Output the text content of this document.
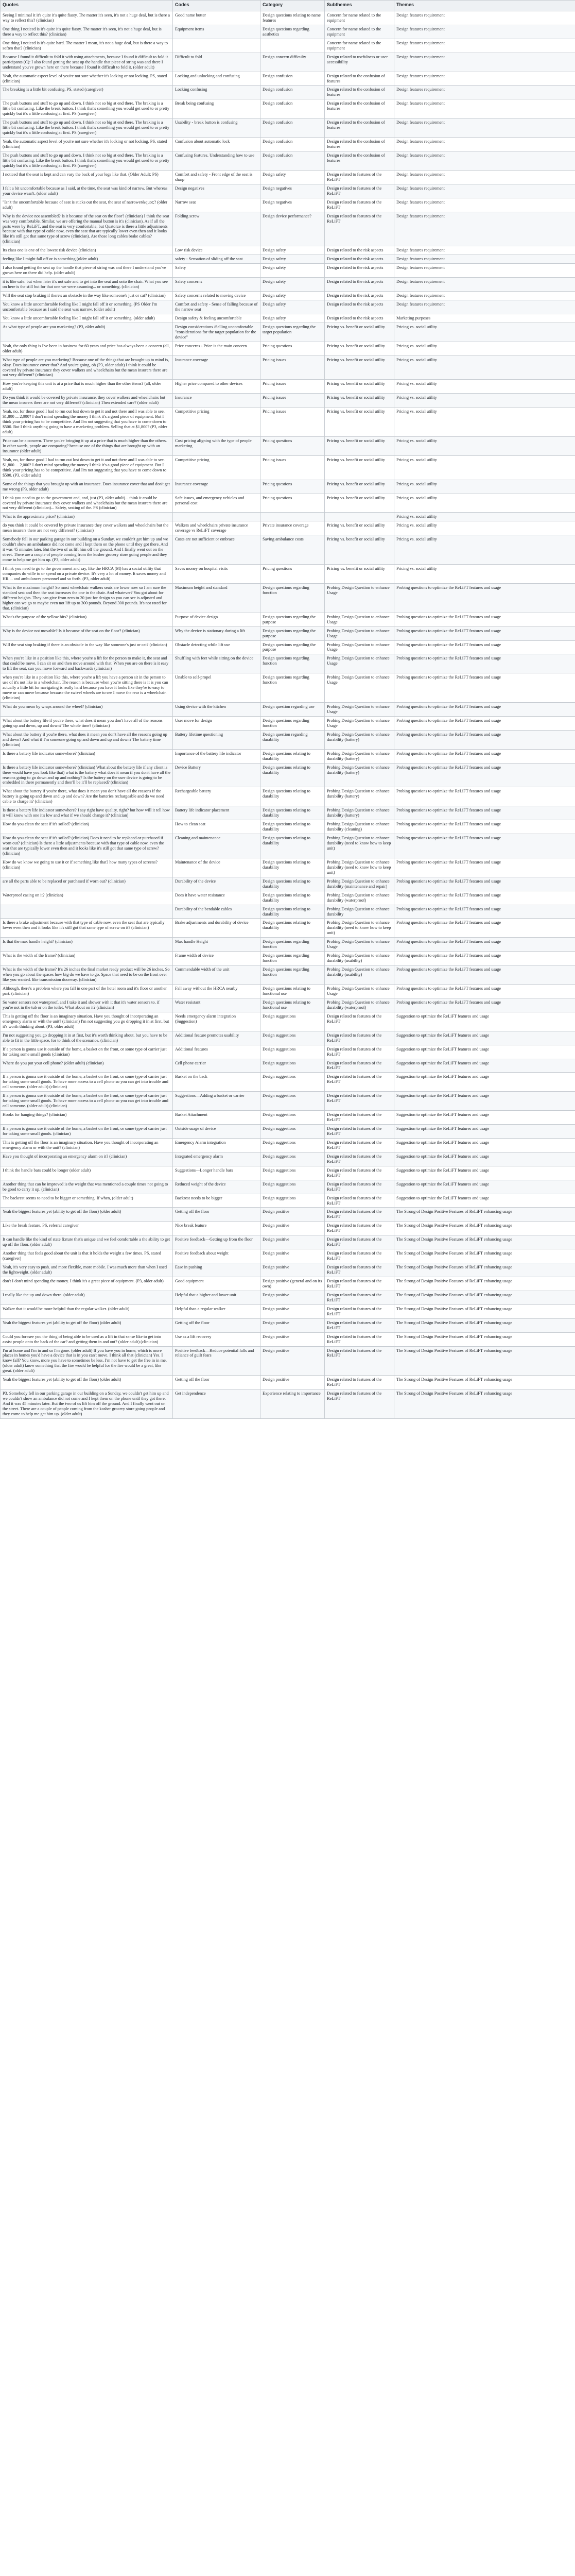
Quotes	Codes	Category	Subthemes	Themes
Seeing I minimal it it's quite it's quite fiasty. The matter it's seen, it's not a huge deal, but is there a way to reflect this? (clinician)	Good name butter	Design questions relating to name features	Concern for name related to the equipment	Design features requirement
One thing I noticed is it's quite it's quite fiasty. The matter it's seen, it's not a huge deal, but is there a way to reflect this? (clinician)	Equipment items	Design questions regarding aesthetics	Concern for name related to the equipment	Design features requirement
One thing I noticed is it's quite hard. The matter I mean, it's not a huge deal, but is there a way to soften that? (clinician)			Concern for name related to the equipment	Design features requirement
Because I found it difficult to fold it with using attachments, because I found it difficult to fold it participants (C): I also found getting the seat up the handle that piece of string was and there I understand you've grown here on there because I found it difficult to fold it. (older adult)	Difficult to fold	Design concern difficulty	Design related to usefulness or user accessibility	Design features requirement
Yeah, the automatic aspect level of you're not sure whether it's locking or not locking. PS, stated (clinician)	Locking and unlocking and confusing	Design confusion	Design related to the confusion of features	Design features requirement
The breaking is a little bit confusing. PS, stated (caregiver)	Locking confusing	Design confusion	Design related to the confusion of features	Design features requirement
The push buttons and stuff to go up and down. I think not so big at end there. The braking is a little bit confusing. Like the break button. I think that's something you would get used to or pretty quickly but it's a little confusing at first. PS (caregiver)	Break being confusing	Design confusion	Design related to the confusion of features	Design features requirement
The push buttons and stuff to go up and down. I think not so big at end there. The braking is a little bit confusing. Like the break button. I think that's something you would get used to or pretty quickly but it's a little confusing at first. PS (caregiver)	Usability - break button is confusing	Design confusion	Design related to the confusion of features	Design features requirement
Yeah, the automatic aspect level of you're not sure whether it's locking or not locking. PS, stated (clinician)	Confusion about automatic lock	Design confusion	Design related to the confusion of features	Design features requirement
The push buttons and stuff to go up and down. I think not so big at end there. The braking is a little bit confusing. Like the break button. I think that's something you would get used to or pretty quickly but it's a little confusing at first. PS (caregiver)	Confusing features. Understanding how to use	Design confusion	Design related to the confusion of features	Design features requirement
I noticed that the seat is kept and can vary the back of your legs like that. (Older Adult: PS)	Comfort and safety - Front edge of the seat is sharp	Design safety	Design related to features of the ReLiFT	Design features requirement
I felt a bit uncomfortable because as I said, at the time, the seat was kind of narrow. But whereas your device wasn't. (older adult)	Design negatives	Design negatives	Design related to features of the ReLiFT	Design features requirement
"Isn't the uncomfortable because of seat is sticks out the seat, the seat of narrower&quot;? (older adult)	Narrow seat	Design negatives	Design related to features of the ReLiFT	Design features requirement
Why is the device not assembled? Is it because of the seat on the floor? (clinician) I think the seat was very comfortable. Similar, we are offering the manual button is it's (clinician). As if all the parts were by ReLiFT, and the seat is very comfortable, but Quatorze is there a little adjustments because with that type of cable now, even the seat that are typically lower even then and it looks like it's still got that same type of screw (clinician). Are those long cables brake cables? (clinician)	Folding screw	Design device performance?	Design related to features of the ReLiFT	Design features requirement
Its class one is one of the lowest risk device (clinician)	Low risk device	Design safety	Design related to the risk aspects	Design features requirement
feeling like I might fall off or is something (older adult)	safety - Sensation of sliding off the seat	Design safety	Design related to the risk aspects	Design features requirement
I also found getting the seat up the handle that piece of string was and there I understand you've grown here on there did help. (older adult)	Safety	Design safety	Design related to the risk aspects	Design features requirement
it is like safe: but when later it's not safe and to get into the seat and onto the chair. What you see on here is the still but for that one we were assuming... or something. (clinician)	Safety concerns	Design safety	Design related to the risk aspects	Design features requirement
Will the seat stop braking if there's an obstacle in the way like someone's just or cat? (clinician)	Safety concerns related to moving device	Design safety	Design related to the risk aspects	Design features requirement
You know a little uncomfortable feeling like I might fall off it or something. (PS Older I'm uncomfortable because as I said the seat was narrow. (older adult)	Comfort and safety - Sense of falling because of the narrow seat	Design safety	Design related to the risk aspects	Design features requirement
You know a little uncomfortable feeling like I might fall off it or something. (older adult)	Design safety & feeling uncomfortable	Design safety	Design related to the risk aspects	Marketing purposes
As what type of people are you marketing? (P3, older adult)	Design considerations /Selling uncomfortable "considerations for the target population for the device"	Design questions regarding the target population	Pricing vs. benefit or social utility	Pricing vs. social utility
Yeah, the only thing is I've been in business for 60 years and price has always been a concern (all, older adult)	Price concerns - Price is the main concern	Pricing questions	Pricing vs. benefit or social utility	Pricing vs. social utility
What type of people are you marketing? Because one of the things that are brought up to mind is, okay. Does insurance cover that? And you're going, oh (P3, older adult) I think it could be covered by private insurance they cover walkers and wheelchairs but the mean insurers there are not very different? (clinician)	Insurance coverage	Pricing issues	Pricing vs. benefit or social utility	Pricing vs. social utility
How you're keeping this unit is at a price that is much higher than the other items? (all, older adult)	Higher price compared to other devices	Pricing issues	Pricing vs. benefit or social utility	Pricing vs. social utility
Do you think it would be covered by private insurance, they cover walkers and wheelchairs but the mean insurers there are not very different? (clinician) Then extended care? (older adult)	Insurance	Pricing issues	Pricing vs. benefit or social utility	Pricing vs. social utility
Yeah, no, for those good I had to run out lost down to get it and not there and I was able to see. $1,800 ... 2,000? I don't mind spending the money I think it's a good piece of equipment. But I think your pricing has to be competitive. And I'm not suggesting that you have to come down to $500. But I think anything going to have a marketing problem. Selling that at $1,800? (P3, older adult)	Competitive pricing	Pricing issues	Pricing vs. benefit or social utility	Pricing vs. social utility
Price can be a concern. There you're bringing it up at a price that is much higher than the others. In other words, people are comparing? because one of the things that are brought up with an insurance (older adult)	Cost pricing aligning with the type of people marketing	Pricing questions	Pricing vs. benefit or social utility	Pricing vs. social utility
Yeah, no, for those good I had to run out lost down to get it and not there and I was able to see. $1,800 ... 2,000? I don't mind spending the money I think it's a good piece of equipment. But I think your pricing has to be competitive. And I'm not suggesting that you have to come down to $500. (P3, older adult)	Competitive pricing	Pricing issues	Pricing vs. benefit or social utility	Pricing vs. social utility
Some of the things that you brought up with an insurance. Does insurance cover that and don't get me wrong (P3, older adult)	Insurance coverage	Pricing questions	Pricing vs. benefit or social utility	Pricing vs. social utility
I think you need to go to the government and, and, just (P3, older adult)... think it could be covered by private insurance they cover walkers and wheelchairs but the mean insurers there are not very different (clinician)... Safety, seating of the. PS (clinician)	Safe issues, and emergency vehicles and personal cost	Pricing questions	Pricing vs. benefit or social utility	Pricing vs. social utility
What is the approximate price? (clinician)				Pricing vs. social utility
do you think it could be covered by private insurance they cover walkers and wheelchairs but the mean insurers there are not very different? (clinician)	Walkers and wheelchairs private insurance coverage vs ReLiFT coverage	Private insurance coverage	Pricing vs. benefit or social utility	Pricing vs. social utility
Somebody fell in our parking garage in our building on a Sunday, we couldn't get him up and we couldn't show an ambulance did not come and I kept them on the phone until they got there. And it was 45 minutes later. But the two of us lift him off the ground. And I finally went out on the street. There are a couple of people coming from the kosher grocery store going people and they come to help me get him up. (P3, older adult)	Costs are not sufficient or embrace	Saving ambulance costs	Pricing vs. benefit or social utility	Pricing vs. social utility
I think you need to go to the government and say, like the HRCA (M) has a social utility that companies do wille to or spend on a private device. It's very a lot of money. It saves money and HR ... and ambulances personnel and so forth. (P3, older adult)	Saves money on hospital visits	Pricing questions	Pricing vs. benefit or social utility	Pricing vs. social utility
What is the maximum height? So most wheelchair walkers seats are lower now so I am sure the standard seat and then the seat increases the one in the chair. And whatever? You got about for different heights. They can give from zero to 20 just for design so you can see is adjusted and higher can we go to maybe even not lift up to 300 pounds. Beyond 300 pounds. It's not rated for that. (clinician)	Maximum height and standard	Design questions regarding function	Probing Design Question to enhance Usage	Probing questions to optimize the ReLiFT features and usage
What's the purpose of the yellow bits? (clinician)	Purpose of device design	Design questions regarding the purpose	Probing Design Question to enhance Usage	Probing questions to optimize the ReLiFT features and usage
Why is the device not movable? Is it because of the seat on the floor? (clinician)	Why the device is stationary during a lift	Design questions regarding the purpose	Probing Design Question to enhance Usage	Probing questions to optimize the ReLiFT features and usage
Will the seat stop braking if there is an obstacle in the way like someone's just or cat? (clinician)	Obstacle detecting while lift use	Design questions regarding the purpose	Probing Design Question to enhance Usage	Probing questions to optimize the ReLiFT features and usage
When you're like in a position like this, where you're a lift for the person to make it, the seat and that could be move. I can sit on and then move around with that. When you are on there is it easy to lift the seat, can you move forward and backwards (clinician)	Shuffling with feet while sitting on the device	Design questions regarding function	Probing Design Question to enhance Usage	Probing questions to optimize the ReLiFT features and usage
when you're like in a position like this, where you're a lift you have a person sit in the person to use of it's not like in a wheelchair. The reason is because when you're sitting there is it is you can actually a little bit for navigating is really hard because you have it looks like they're to easy to move or can move because because the swivel wheels are to see I move the rear is a wheelchair. (clinician)	Unable to self-propel	Design questions regarding function	Probing Design Question to enhance Usage	Probing questions to optimize the ReLiFT features and usage
What do you mean by wraps around the wheel? (clinician)	Using device with the kitchen	Design question regarding use	Probing Design Question to enhance Usage	Probing questions to optimize the ReLiFT features and usage
What about the battery life if you're there, what does it mean you don't have all of the reasons going up and down, up and down? The whole time? (clinician)	User move for design	Design questions regarding function	Probing Design Question to enhance Usage	Probing questions to optimize the ReLiFT features and usage
What about the battery if you're there, what does it mean you don't have all the reasons going up and down? And what if I'm someone going up and down and up and down? The battery time (clinician)	Battery lifetime questioning	Design question regarding durability	Probing Design Question to enhance durability (battery)	Probing questions to optimize the ReLiFT features and usage
Is there a battery life indicator somewhere? (clinician)	Importance of the battery life indicator	Design questions relating to durability	Probing Design Question to enhance durability (battery)	Probing questions to optimize the ReLiFT features and usage
Is there a battery life indicator somewhere? (clinician) What about the battery life if any client is there would have you look like that) what is the battery what does it mean if you don't have all the reasons going to go down and up and nothing? Is the battery on the user device is going to be embedded in there permanently and then'll be it'll be replaced? (clinician)	Device Battery	Design questions relating to durability	Probing Design Question to enhance durability (battery)	Probing questions to optimize the ReLiFT features and usage
What about the battery if you're there, what does it mean you don't have all the reasons if the battery is going up and down and up and down? Are the batteries rechargeable and do we need cable to charge it? (clinician)	Rechargeable battery	Design questions relating to durability	Probing Design Question to enhance durability (battery)	Probing questions to optimize the ReLiFT features and usage
Is there a battery life indicator somewhere? I say right have quality, right? but how will it tell how it will know with one it's low and what if we should change it? (clinician)	Battery life indicator placement	Design questions relating to durability	Probing Design Question to enhance durability (battery)	Probing questions to optimize the ReLiFT features and usage
How do you clean the seat if it's soiled? (clinician)	How to clean seat	Design questions relating to durability	Probing Design Question to enhance durability (cleaning)	Probing questions to optimize the ReLiFT features and usage
How do you clean the seat if it's soiled? (clinician) Does it need to be replaced or purchased if worn out? (clinician) Is there a little adjustments because with that type of cable now, even the seat that are typically lower even then and it looks like it's still got that same type of screw? (clinician)	Cleaning and maintenance	Design questions relating to durability	Probing Design Question to enhance durability (need to know how to keep unit)	Probing questions to optimize the ReLiFT features and usage
How do we know we going to use it or if something like that? how many types of screens? (clinician)	Maintenance of the device	Design questions relating to durability	Probing Design Question to enhance durability (need to know how to keep unit)	Probing questions to optimize the ReLiFT features and usage
are all the parts able to be replaced or purchased if worn out? (clinician)	Durability of the device	Design questions relating to durability	Probing Design Question to enhance durability (maintenance and repair)	Probing questions to optimize the ReLiFT features and usage
Waterproof casing on it? (clinician)	Does it have water resistance	Design questions relating to durability	Probing Design Question to enhance durability (waterproof)	Probing questions to optimize the ReLiFT features and usage
	Durability of the bendable cables	Design questions relating to durability	Probing Design Question to enhance durability	Probing questions to optimize the ReLiFT features and usage
Is there a brake adjustment because with that type of cable now, even the seat that are typically lower even then and it looks like it's still got that same type of screw on it? (clinician)	Brake adjustments and durability of device	Design questions relating to durability	Probing Design Question to enhance durability (need to know how to keep unit)	Probing questions to optimize the ReLiFT features and usage
Is that the max handle height? (clinician)	Max handle Height	Design questions regarding function	Probing Design Question to enhance Usage	Probing questions to optimize the ReLiFT features and usage
What is the width of the frame? (clinician)	Frame width of device	Design questions regarding function	Probing Design Question to enhance durability (usability)	Probing questions to optimize the ReLiFT features and usage
What is the width of the frame? It's 26 inches the final market ready product will be 26 inches. So when you go about the spaces how big do we have to go. Space that need to be on the front over like you wanted. like transmission doorway. (clinician)	Commendable width of the unit	Design questions regarding function	Probing Design Question to enhance durability (usability)	Probing questions to optimize the ReLiFT features and usage
Although, there's a problem where you fall in one part of the hotel room and it's floor or another part. (clinician)	Fall away without the HRCA nearby	Design questions relating to functional use	Probing Design Question to enhance Usage	Probing questions to optimize the ReLiFT features and usage
So water sensors not waterproof, and I take it and shower with it that it's water sensors to. if you're not in the tub or on the toilet. What about on it? (clinician)	Water resistant	Design questions relating to functional use	Probing Design Question to enhance durability (waterproof)	Probing questions to optimize the ReLiFT features and usage
This is getting off the floor is an imaginary situation. Have you thought of incorporating an emergency alarm or with the unit? (clinician) I'm not suggesting you go dropping it in at first, but it's worth thinking about. (P3, older adult)	Needs emergency alarm integration (Suggestion)	Design suggestions	Design related to features of the ReLiFT	Suggestion to optimize the ReLiFT features and usage
I'm not suggesting you go dropping it in at first, but it's worth thinking about. but you have to be able to fit in the little space, for to think of the scenarios. (clinician)	Additional feature promotes usability	Design suggestions	Design related to features of the ReLiFT	Suggestion to optimize the ReLiFT features and usage
If a person is gonna use it outside of the home, a basket on the front, or some type of carrier just for taking some small goods (clinician)	Additional features	Design suggestions	Design related to features of the ReLiFT	Suggestion to optimize the ReLiFT features and usage
Where do you put your cell phone? (older adult) (clinician)	Cell phone carrier	Design suggestions	Design related to features of the ReLiFT	Suggestion to optimize the ReLiFT features and usage
If a person is gonna use it outside of the home, a basket on the front, or some type of carrier just for taking some small goods. To have more access to a cell phone so you can get into trouble and call someone. (older adult) (clinician)	Basket on the back	Design suggestions	Design related to features of the ReLiFT	Suggestion to optimize the ReLiFT features and usage
If a person is gonna use it outside of the home, a basket on the front, or some type of carrier just for taking some small goods. To have more access to a cell phone so you can get into trouble and call someone. (older adult) (clinician)	Suggestions—Adding a basket or carrier	Design suggestions	Design related to features of the ReLiFT	Suggestion to optimize the ReLiFT features and usage
Hooks for hanging things? (clinician)	Basket Attachment	Design suggestions	Design related to features of the ReLiFT	Suggestion to optimize the ReLiFT features and usage
If a person is gonna use it outside of the home, a basket on the front, or some type of carrier just for taking some small goods. (clinician)	Outside usage of device	Design suggestions	Design related to features of the ReLiFT	Suggestion to optimize the ReLiFT features and usage
This is getting off the floor is an imaginary situation. Have you thought of incorporating an emergency alarm or with the unit? (clinician)	Emergency Alarm integration	Design suggestions	Design related to features of the ReLiFT	Suggestion to optimize the ReLiFT features and usage
Have you thought of incorporating an emergency alarm on it? (clinician)	Integrated emergency alarm	Design suggestions	Design related to features of the ReLiFT	Suggestion to optimize the ReLiFT features and usage
I think the handle bars could be longer (older adult)	Suggestions—Longer handle bars	Design suggestions	Design related to features of the ReLiFT	Suggestion to optimize the ReLiFT features and usage
Another thing that can be improved is the weight that was mentioned a couple times not going to be good to carry it up. (clinician)	Reduced weight of the device	Design suggestions	Design related to features of the ReLiFT	Suggestion to optimize the ReLiFT features and usage
The backrest seems to need to be bigger or something. If when, (older adult)	Backrest needs to be bigger	Design suggestions	Design related to features of the ReLiFT	Suggestion to optimize the ReLiFT features and usage
Yeah the biggest features yet (ability to get off the floor) (older adult)	Getting off the floor	Design positive	Design related to features of the ReLiFT	The Strong of Design Positive Features of ReLiFT enhancing usage
Like the break feature. PS, referral caregiver	Nice break feature	Design positive	Design related to features of the ReLiFT	The Strong of Design Positive Features of ReLiFT enhancing usage
It can handle like the kind of state fixture that's unique and we feel comfortable a the ability to get up off the floor. (older adult)	Positive feedback—Getting up from the floor	Design positive	Design related to features of the ReLiFT	The Strong of Design Positive Features of ReLiFT enhancing usage
Another thing that feels good about the unit is that it holds the weight a few times. PS. stated (caregiver)	Positive feedback about weight	Design positive	Design related to features of the ReLiFT	The Strong of Design Positive Features of ReLiFT enhancing usage
Yeah, it's very easy to push. and more flexible, more mobile. I was much more than when I used the lightweight. (older adult)	Ease in pushing	Design positive	Design related to features of the ReLiFT	The Strong of Design Positive Features of ReLiFT enhancing usage
don't I don't mind spending the money. I think it's a great piece of equipment. (P3, older adult)	Good equipment	Design positive (general and on its own)	Design related to features of the ReLiFT	The Strong of Design Positive Features of ReLiFT enhancing usage
I really like the up and down there. (older adult)	Helpful that a higher and lower unit	Design positive	Design related to features of the ReLiFT	The Strong of Design Positive Features of ReLiFT enhancing usage
Walker that it would be more helpful than the regular walker. (older adult)	Helpful than a regular walker	Design positive	Design related to features of the ReLiFT	The Strong of Design Positive Features of ReLiFT enhancing usage
Yeah the biggest features yet (ability to get off the floor) (older adult)	Getting off the floor	Design positive	Design related to features of the ReLiFT	The Strong of Design Positive Features of ReLiFT enhancing usage
Could you foresee you the thing of being able to be used as a lift in that sense like to get into assist people onto the back of the car? and getting them in and out? (older adult) (clinician)	Use as a lift recovery	Design positive	Design related to features of the ReLiFT	The Strong of Design Positive Features of ReLiFT enhancing usage
I'm at home and I'm in and so I'm gone. (older adult) If you have you in home, which is more places in homes you'd have a device that is in you can't move. I think all that (clinician) Yes. I know fall? You know, more you have to sometimes be less. I'm not have to get the free in in me. (older adult) know something that the fire would be helpful for the fire would be a great, like great. (older adult)	Positive feedback—Reduce potential falls and reliance of guilt fears	Design positive	Design related to features of the ReLiFT	The Strong of Design Positive Features of ReLiFT enhancing usage
Yeah the biggest features yet (ability to get off the floor) (older adult)	Getting off the floor	Design positive	Design related to features of the ReLiFT	The Strong of Design Positive Features of ReLiFT enhancing usage
P3. Somebody fell in our parking garage in our building on a Sunday, we couldn't get him up and we couldn't show an ambulance did not come and I kept them on the phone until they got there. And it was 45 minutes later. But the two of us lift him off the ground. And I finally went out on the street. There are a couple of people coming from the kosher grocery store going people and they come to help me get him up. (older adult)	Get independence	Experience relating to importance	Design related to features of the ReLiFT	The Strong of Design Positive Features of ReLiFT enhancing usage
